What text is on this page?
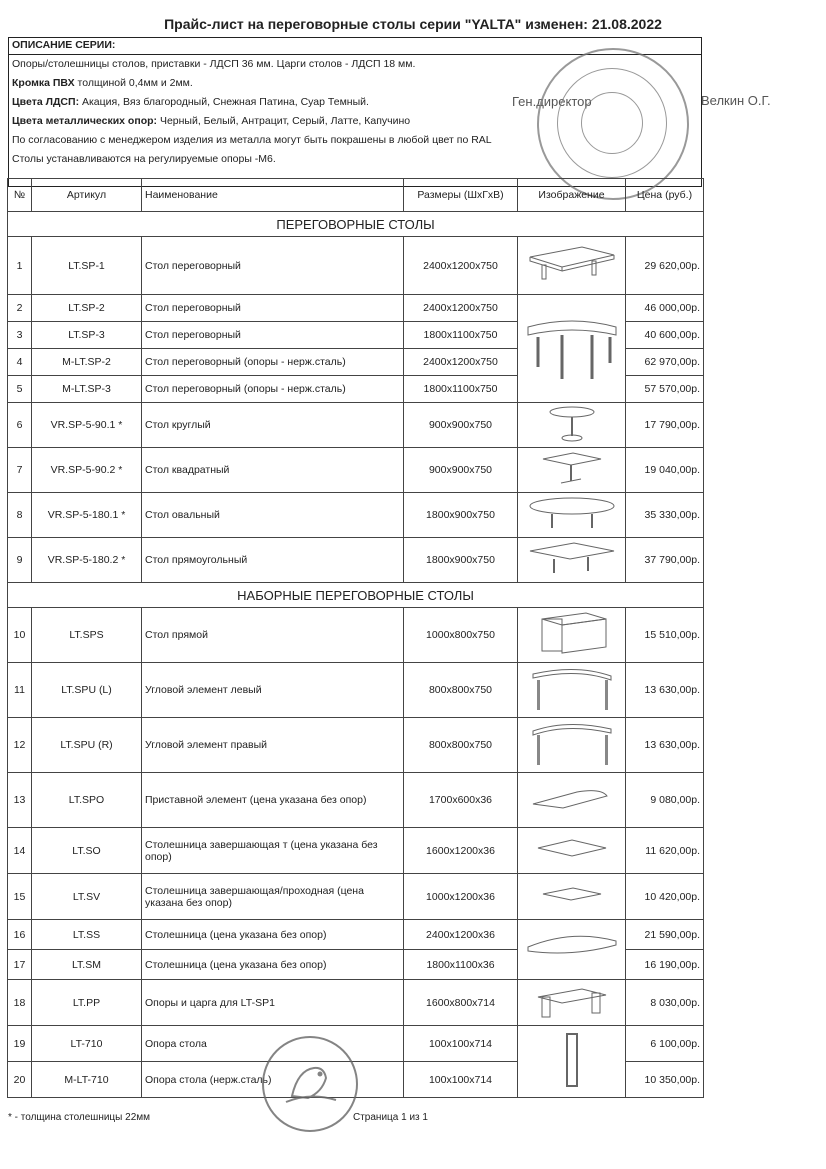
Прайс-лист на переговорные столы серии "YALTA" изменен: 21.08.2022
ОПИСАНИЕ СЕРИИ:
Опоры/столешницы столов, приставки - ЛДСП 36 мм. Царги столов - ЛДСП 18 мм.
Кромка ПВХ толщиной 0,4мм и 2мм.
Цвета ЛДСП: Акация, Вяз благородный, Снежная Патина, Суар Темный.
Цвета металлических опор: Черный, Белый, Антрацит, Серый, Латте, Капучино
По согласованию с менеджером изделия из металла могут быть покрашены в любой цвет по RAL
Столы устанавливаются на регулируемые опоры -М6.
Ген.директор	Велкин О.Г.
№	Артикул	Наименование	Размеры (ШхГхВ)	Изображение	Цена (руб.)
ПЕРЕГОВОРНЫЕ СТОЛЫ					
1	LT.SP-1	Стол переговорный	2400х1200х750		29 620,00р.
2	LT.SP-2	Стол переговорный	2400х1200х750		46 000,00р.
3	LT.SP-3	Стол переговорный	1800х1100х750		40 600,00р.
4	M-LT.SP-2	Стол переговорный (опоры - нерж.сталь)	2400х1200х750		62 970,00р.
5	M-LT.SP-3	Стол переговорный (опоры - нерж.сталь)	1800х1100х750		57 570,00р.
6	VR.SP-5-90.1 *	Стол круглый	900х900х750		17 790,00р.
7	VR.SP-5-90.2 *	Стол квадратный	900х900х750		19 040,00р.
8	VR.SP-5-180.1 *	Стол овальный	1800х900х750		35 330,00р.
9	VR.SP-5-180.2 *	Стол прямоугольный	1800х900х750		37 790,00р.
НАБОРНЫЕ ПЕРЕГОВОРНЫЕ СТОЛЫ					
10	LT.SPS	Стол прямой	1000х800х750		15 510,00р.
11	LT.SPU (L)	Угловой элемент левый	800х800х750		13 630,00р.
12	LT.SPU (R)	Угловой элемент правый	800х800х750		13 630,00р.
13	LT.SPO	Приставной элемент (цена указана без опор)	1700х600х36		9 080,00р.
14	LT.SO	Столешница завершающая т (цена указана без опор)	1600х1200х36		11 620,00р.
15	LT.SV	Столешница завершающая/проходная (цена указана без опор)	1000х1200х36		10 420,00р.
16	LT.SS	Столешница (цена указана без опор)	2400х1200х36		21 590,00р.
17	LT.SM	Столешница (цена указана без опор)	1800х1100х36		16 190,00р.
18	LT.PP	Опоры и царга для LT-SP1	1600х800х714		8 030,00р.
19	LT-710	Опора стола	100х100х714		6 100,00р.
20	M-LT-710	Опора стола (нерж.сталь)	100х100х714		10 350,00р.
* - толщина столешницы 22мм	Страница 1 из 1
